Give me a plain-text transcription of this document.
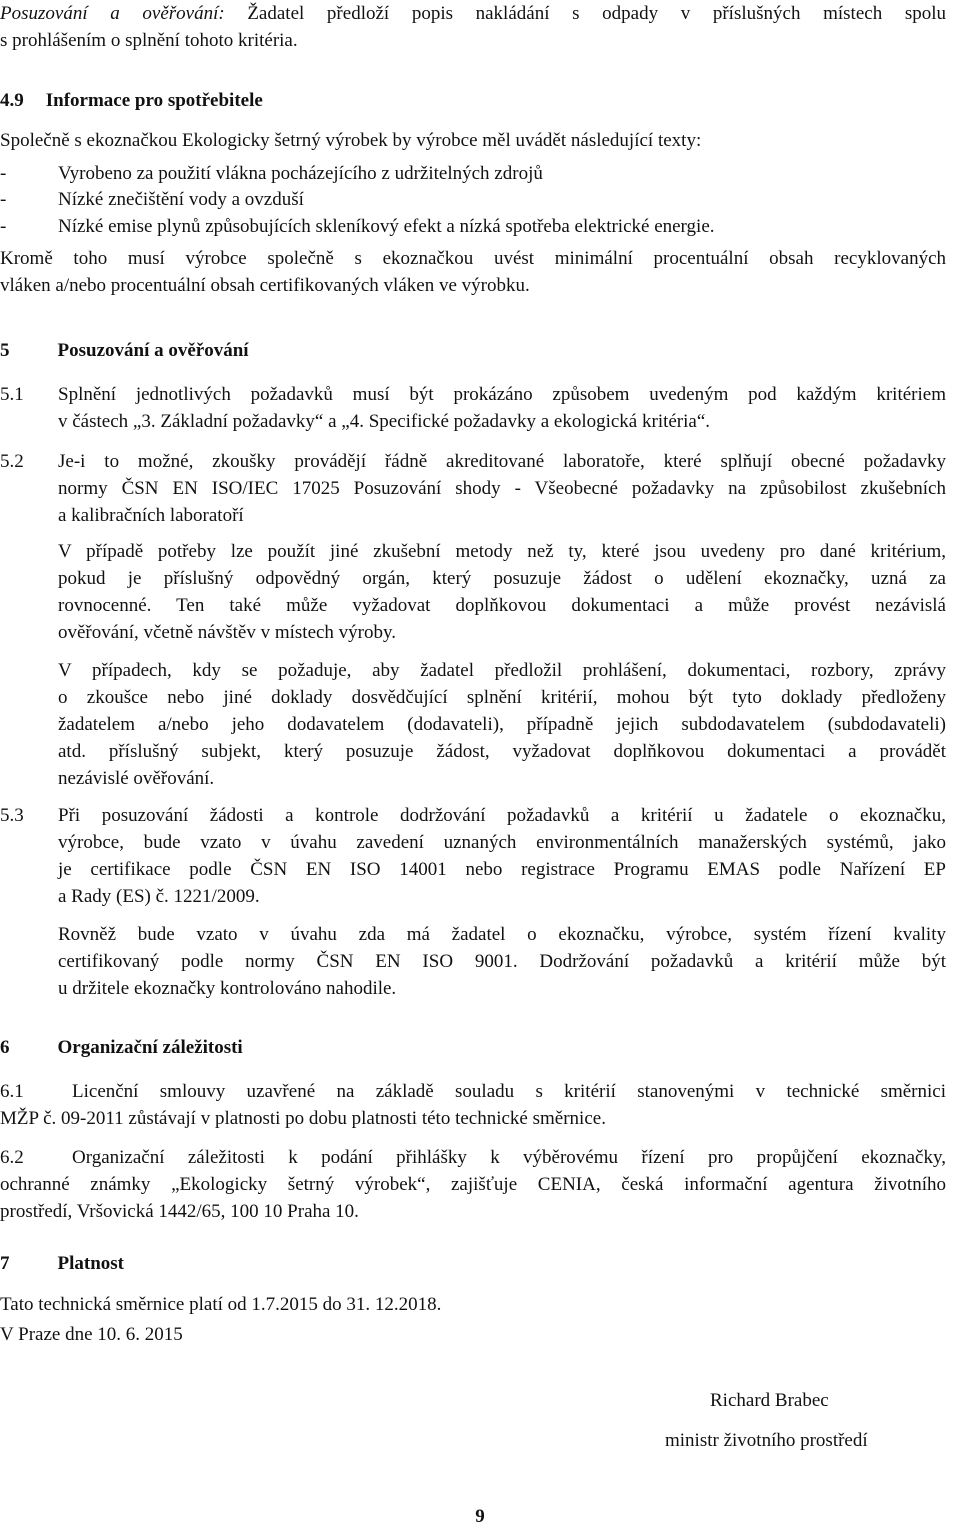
Posuzování a ověřování: Žadatel předloží popis nakládání s odpady v příslušných místech spolu
s prohlášením o splnění tohoto kritéria.
4.9 Informace pro spotřebitele
Společně s ekoznačkou Ekologicky šetrný výrobek by výrobce měl uvádět následující texty:
-	Vyrobeno za použití vlákna pocházejícího z udržitelných zdrojů
-	Nízké znečištění vody a ovzduší
-	Nízké emise plynů způsobujících skleníkový efekt a nízká spotřeba elektrické energie.
Kromě toho musí výrobce společně s ekoznačkou uvést minimální procentuální obsah recyklovaných
vláken a/nebo procentuální obsah certifikovaných vláken ve výrobku.
5	Posuzování a ověřování
5.1 Splnění jednotlivých požadavků musí být prokázáno způsobem uvedeným pod každým kritériem
v částech „3. Základní požadavky“ a „4. Specifické požadavky a ekologická kritéria“.
5.2 Je-i to možné, zkoušky provádějí řádně akreditované laboratoře, které splňují obecné požadavky
normy ČSN EN ISO/IEC 17025 Posuzování shody - Všeobecné požadavky na způsobilost zkušebních
a kalibračních laboratoří
V případě potřeby lze použít jiné zkušební metody než ty, které jsou uvedeny pro dané kritérium,
pokud je příslušný odpovědný orgán, který posuzuje žádost o udělení ekoznačky, uzná za
rovnocenné. Ten také může vyžadovat doplňkovou dokumentaci a může provést nezávislá
ověřování, včetně návštěv v místech výroby.
V případech, kdy se požaduje, aby žadatel předložil prohlášení, dokumentaci, rozbory, zprávy
o zkoušce nebo jiné doklady dosvědčující splnění kritérií, mohou být tyto doklady předloženy
žadatelem a/nebo jeho dodavatelem (dodavateli), případně jejich subdodavatelem (subdodavateli)
atd. příslušný subjekt, který posuzuje žádost, vyžadovat doplňkovou dokumentaci a provádět
nezávislé ověřování.
5.3 Při posuzování žádosti a kontrole dodržování požadavků a kritérií u žadatele o ekoznačku,
výrobce, bude vzato v úvahu zavedení uznaných environmentálních manažerských systémů, jako
je certifikace podle ČSN EN ISO 14001 nebo registrace Programu EMAS podle Nařízení EP
a Rady (ES) č. 1221/2009.
Rovněž bude vzato v úvahu zda má žadatel o ekoznačku, výrobce, systém řízení kvality
certifikovaný podle normy ČSN EN ISO 9001. Dodržování požadavků a kritérií může být
u držitele ekoznačky kontrolováno nahodile.
6	Organizační záležitosti
6.1	Licenční smlouvy uzavřené na základě souladu s kritérií stanovenými v technické směrnici
MŽP č. 09-2011 zůstávají v platnosti po dobu platnosti této technické směrnice.
6.2	Organizační záležitosti k podání přihlášky k výběrovému řízení pro propůjčení ekoznačky,
ochranné známky „Ekologicky šetrný výrobek“, zajišťuje CENIA, česká informační agentura životního
prostředí, Vršovická 1442/65, 100 10 Praha 10.
7	Platnost
Tato technická směrnice platí od 1.7.2015 do 31. 12.2018.
V Praze dne 10. 6. 2015
Richard Brabec
ministr životního prostředí
9
